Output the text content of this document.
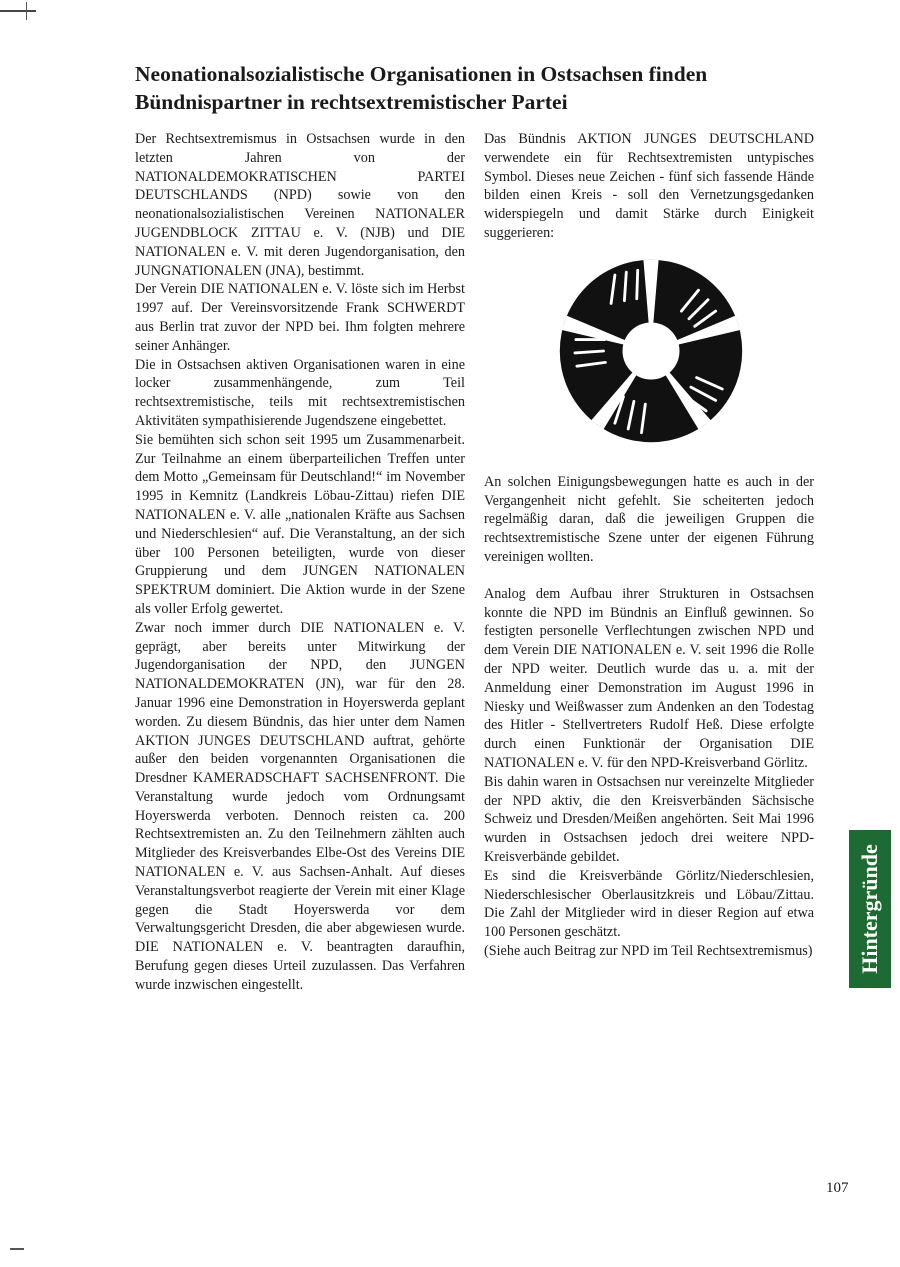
Neonationalsozialistische Organisationen in Ostsachsen finden
Bündnispartner in rechtsextremistischer Partei

Der Rechtsextremismus in Ostsachsen wurde in den letzten Jahren von der NATIONALDEMOKRATISCHEN PARTEI DEUTSCHLANDS (NPD) sowie von den neonationalsozialistischen Vereinen NATIONALER JUGENDBLOCK ZITTAU e. V. (NJB) und DIE NATIONALEN e. V. mit deren Jugendorganisation, den JUNGNATIONALEN (JNA), bestimmt.

Der Verein DIE NATIONALEN e. V. löste sich im Herbst 1997 auf. Der Vereinsvorsitzende Frank SCHWERDT aus Berlin trat zuvor der NPD bei. Ihm folgten mehrere seiner Anhänger.

Die in Ostsachsen aktiven Organisationen waren in eine locker zusammenhängende, zum Teil rechtsextremistische, teils mit rechtsextremistischen Aktivitäten sympathisierende Jugendszene eingebettet.

Sie bemühten sich schon seit 1995 um Zusammenarbeit. Zur Teilnahme an einem überparteilichen Treffen unter dem Motto „Gemeinsam für Deutschland!“ im November 1995 in Kemnitz (Landkreis Löbau-Zittau) riefen DIE NATIONALEN e. V. alle „nationalen Kräfte aus Sachsen und Niederschlesien“ auf. Die Veranstaltung, an der sich über 100 Personen beteiligten, wurde von dieser Gruppierung und dem JUNGEN NATIONALEN SPEKTRUM dominiert. Die Aktion wurde in der Szene als voller Erfolg gewertet.

Zwar noch immer durch DIE NATIONALEN e. V. geprägt, aber bereits unter Mitwirkung der Jugendorganisation der NPD, den JUNGEN NATIONALDEMOKRATEN (JN), war für den 28. Januar 1996 eine Demonstration in Hoyerswerda geplant worden. Zu diesem Bündnis, das hier unter dem Namen AKTION JUNGES DEUTSCHLAND auftrat, gehörte außer den beiden vorgenannten Organisationen die Dresdner KAMERADSCHAFT SACHSENFRONT. Die Veranstaltung wurde jedoch vom Ordnungsamt Hoyerswerda verboten. Dennoch reisten ca. 200 Rechtsextremisten an. Zu den Teilnehmern zählten auch Mitglieder des Kreisverbandes Elbe-Ost des Vereins DIE NATIONALEN e. V. aus Sachsen-Anhalt. Auf dieses Veranstaltungsverbot reagierte der Verein mit einer Klage gegen die Stadt Hoyerswerda vor dem Verwaltungsgericht Dresden, die aber abgewiesen wurde. DIE NATIONALEN e. V. beantragten daraufhin, Berufung gegen dieses Urteil zuzulassen. Das Verfahren wurde inzwischen eingestellt.

Das Bündnis AKTION JUNGES DEUTSCHLAND verwendete ein für Rechtsextremisten untypisches Symbol. Dieses neue Zeichen - fünf sich fassende Hände bilden einen Kreis - soll den Vernetzungsgedanken widerspiegeln und damit Stärke durch Einigkeit suggerieren:

An solchen Einigungsbewegungen hatte es auch in der Vergangenheit nicht gefehlt. Sie scheiterten jedoch regelmäßig daran, daß die jeweiligen Gruppen die rechtsextremistische Szene unter der eigenen Führung vereinigen wollten.

Analog dem Aufbau ihrer Strukturen in Ostsachsen konnte die NPD im Bündnis an Einfluß gewinnen. So festigten personelle Verflechtungen zwischen NPD und dem Verein DIE NATIONALEN e. V. seit 1996 die Rolle der NPD weiter. Deutlich wurde das u. a. mit der Anmeldung einer Demonstration im August 1996 in Niesky und Weißwasser zum Andenken an den Todestag des Hitler - Stellvertreters Rudolf Heß. Diese erfolgte durch einen Funktionär der Organisation DIE NATIONALEN e. V. für den NPD-Kreisverband Görlitz.

Bis dahin waren in Ostsachsen nur vereinzelte Mitglieder der NPD aktiv, die den Kreisverbänden Sächsische Schweiz und Dresden/Meißen angehörten. Seit Mai 1996 wurden in Ostsachsen jedoch drei weitere NPD-Kreisverbände gebildet.

Es sind die Kreisverbände Görlitz/Niederschlesien, Niederschlesischer Oberlausitzkreis und Löbau/Zittau. Die Zahl der Mitglieder wird in dieser Region auf etwa 100 Personen geschätzt.

(Siehe auch Beitrag zur NPD im Teil Rechtsextremismus) Hintergründe
107
